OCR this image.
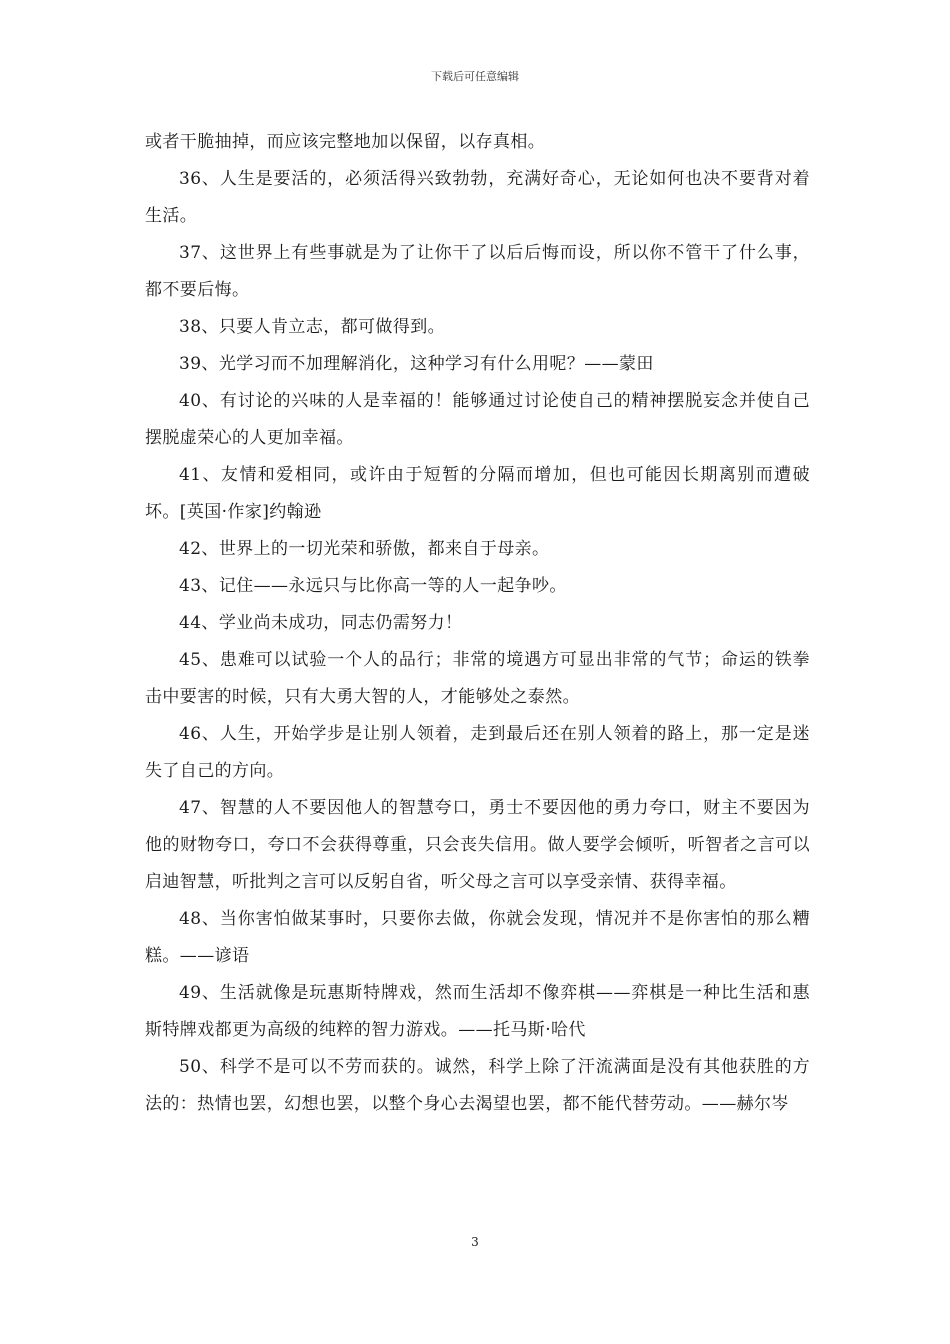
下载后可任意编辑

或者干脆抽掉，而应该完整地加以保留，以存真相。

36、人生是要活的，必须活得兴致勃勃，充满好奇心，无论如何也决不要背对着生活。

37、这世界上有些事就是为了让你干了以后后悔而设，所以你不管干了什么事，都不要后悔。

38、只要人肯立志，都可做得到。

39、光学习而不加理解消化，这种学习有什么用呢？——蒙田

40、有讨论的兴味的人是幸福的！能够通过讨论使自己的精神摆脱妄念并使自己摆脱虚荣心的人更加幸福。

41、友情和爱相同，或许由于短暂的分隔而增加，但也可能因长期离别而遭破坏。[英国·作家]约翰逊

42、世界上的一切光荣和骄傲，都来自于母亲。

43、记住——永远只与比你高一等的人一起争吵。

44、学业尚未成功，同志仍需努力！

45、患难可以试验一个人的品行；非常的境遇方可显出非常的气节；命运的铁拳击中要害的时候，只有大勇大智的人，才能够处之泰然。

46、人生，开始学步是让别人领着，走到最后还在别人领着的路上，那一定是迷失了自己的方向。

47、智慧的人不要因他人的智慧夸口，勇士不要因他的勇力夸口，财主不要因为他的财物夸口，夸口不会获得尊重，只会丧失信用。做人要学会倾听，听智者之言可以启迪智慧，听批判之言可以反躬自省，听父母之言可以享受亲情、获得幸福。

48、当你害怕做某事时，只要你去做，你就会发现，情况并不是你害怕的那么糟糕。——谚语

49、生活就像是玩惠斯特牌戏，然而生活却不像弈棋——弈棋是一种比生活和惠斯特牌戏都更为高级的纯粹的智力游戏。——托马斯·哈代

50、科学不是可以不劳而获的。诚然，科学上除了汗流满面是没有其他获胜的方法的：热情也罢，幻想也罢，以整个身心去渴望也罢，都不能代替劳动。——赫尔岑

3
